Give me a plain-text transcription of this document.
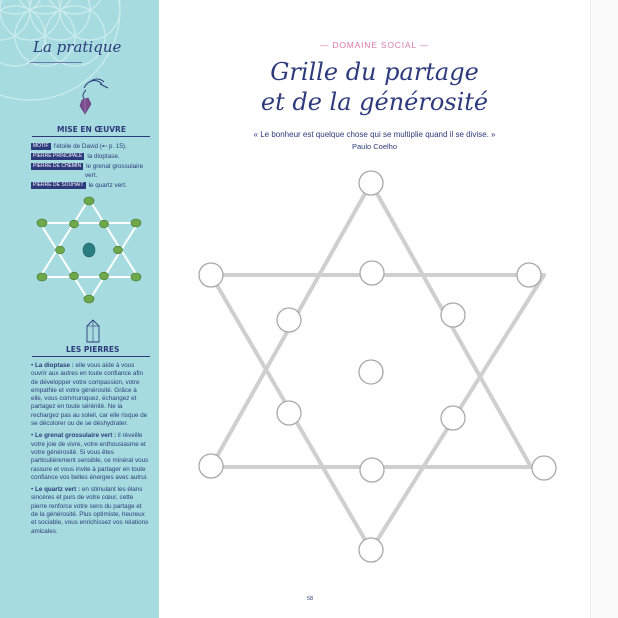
La pratique
MISE EN ŒUVRE
MOTIF l’étoile de David (➸ p. 15).
PIERRE PRINCIPALE la dioptase.
PIERRE DE CHEMIN le grenat grossulaire
vert.
PIERRE DE SOUHAIT le quartz vert.
LES PIERRES

• La dioptase : elle vous aide à vous ouvrir aux autres en toute confiance afin de développer votre compassion, votre empathie et votre générosité. Grâce à elle, vous communiquez, échangez et partagez en toute sérénité. Ne la rechargez pas au soleil, car elle risque de se décolorer ou de se déshydrater.

• Le grenat grossulaire vert : il réveille votre joie de vivre, votre enthousiasme et votre générosité. Si vous êtes particulièrement sensible, ce minéral vous rassure et vous invite à partager en toute confiance vos belles énergies avec autrui.

• Le quartz vert : en stimulant les élans sincères et purs de votre cœur, cette pierre renforce votre sens du partage et de la générosité. Plus optimiste, heureux et sociable, vous enrichissez vos relations amicales.

— DOMAINE SOCIAL —
Grille du partage
et de la générosité
« Le bonheur est quelque chose qui se multiplie quand il se divise. »
Paulo Coelho
58
